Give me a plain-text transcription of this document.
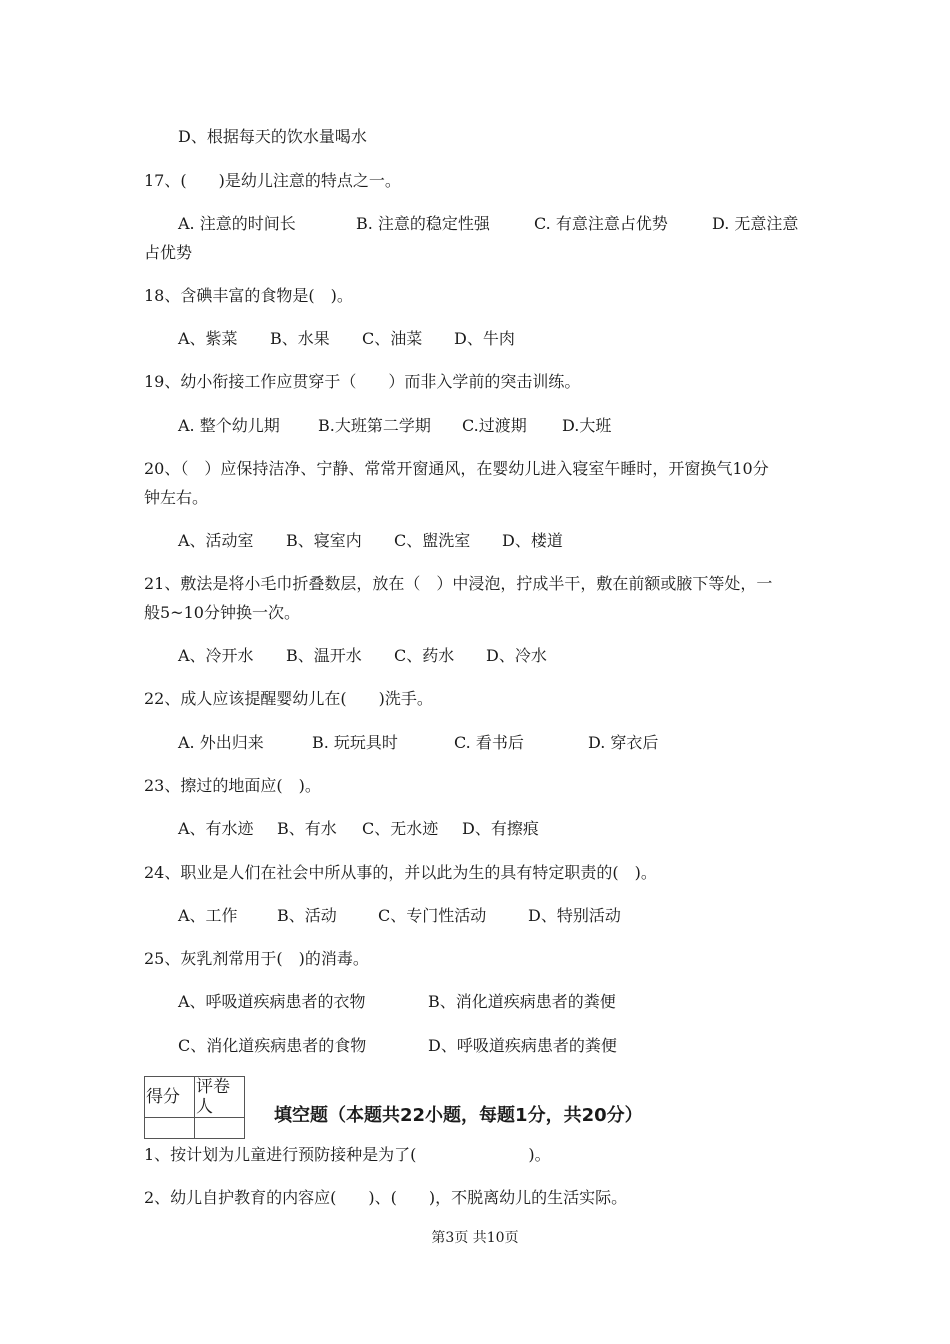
D、根据每天的饮水量喝水
17、(　　)是幼儿注意的特点之一。
A. 注意的时间长	B. 注意的稳定性强	C. 有意注意占优势	D. 无意注意
占优势
18、含碘丰富的食物是(　)。
A、紫菜 B、水果 C、油菜 D、牛肉
19、幼小衔接工作应贯穿于（　　）而非入学前的突击训练。
A. 整个幼儿期 B.大班第二学期 C.过渡期 D.大班
20、（　）应保持洁净、宁静、常常开窗通风，在婴幼儿进入寝室午睡时，开窗换气10分
钟左右。
A、活动室 B、寝室内 C、盥洗室 D、楼道
21、敷法是将小毛巾折叠数层，放在（　）中浸泡，拧成半干，敷在前额或腋下等处，一
般5~10分钟换一次。
A、冷开水 B、温开水 C、药水 D、冷水
22、成人应该提醒婴幼儿在(　　)洗手。
A. 外出归来	B. 玩玩具时	C. 看书后	D. 穿衣后
23、擦过的地面应(　)。
A、有水迹 B、有水 C、无水迹 D、有擦痕
24、职业是人们在社会中所从事的，并以此为生的具有特定职责的(　)。
A、工作 B、活动	C、专门性活动	D、特别活动
25、灰乳剂常用于(　)的消毒。
A、呼吸道疾病患者的衣物	B、消化道疾病患者的粪便
C、消化道疾病患者的食物	D、呼吸道疾病患者的粪便
得分	评卷人
		填空题（本题共22小题，每题1分，共20分）
1、按计划为儿童进行预防接种是为了(　　　　　　　)。
2、幼儿自护教育的内容应(　　)、(　　)，不脱离幼儿的生活实际。
第3页 共10页
